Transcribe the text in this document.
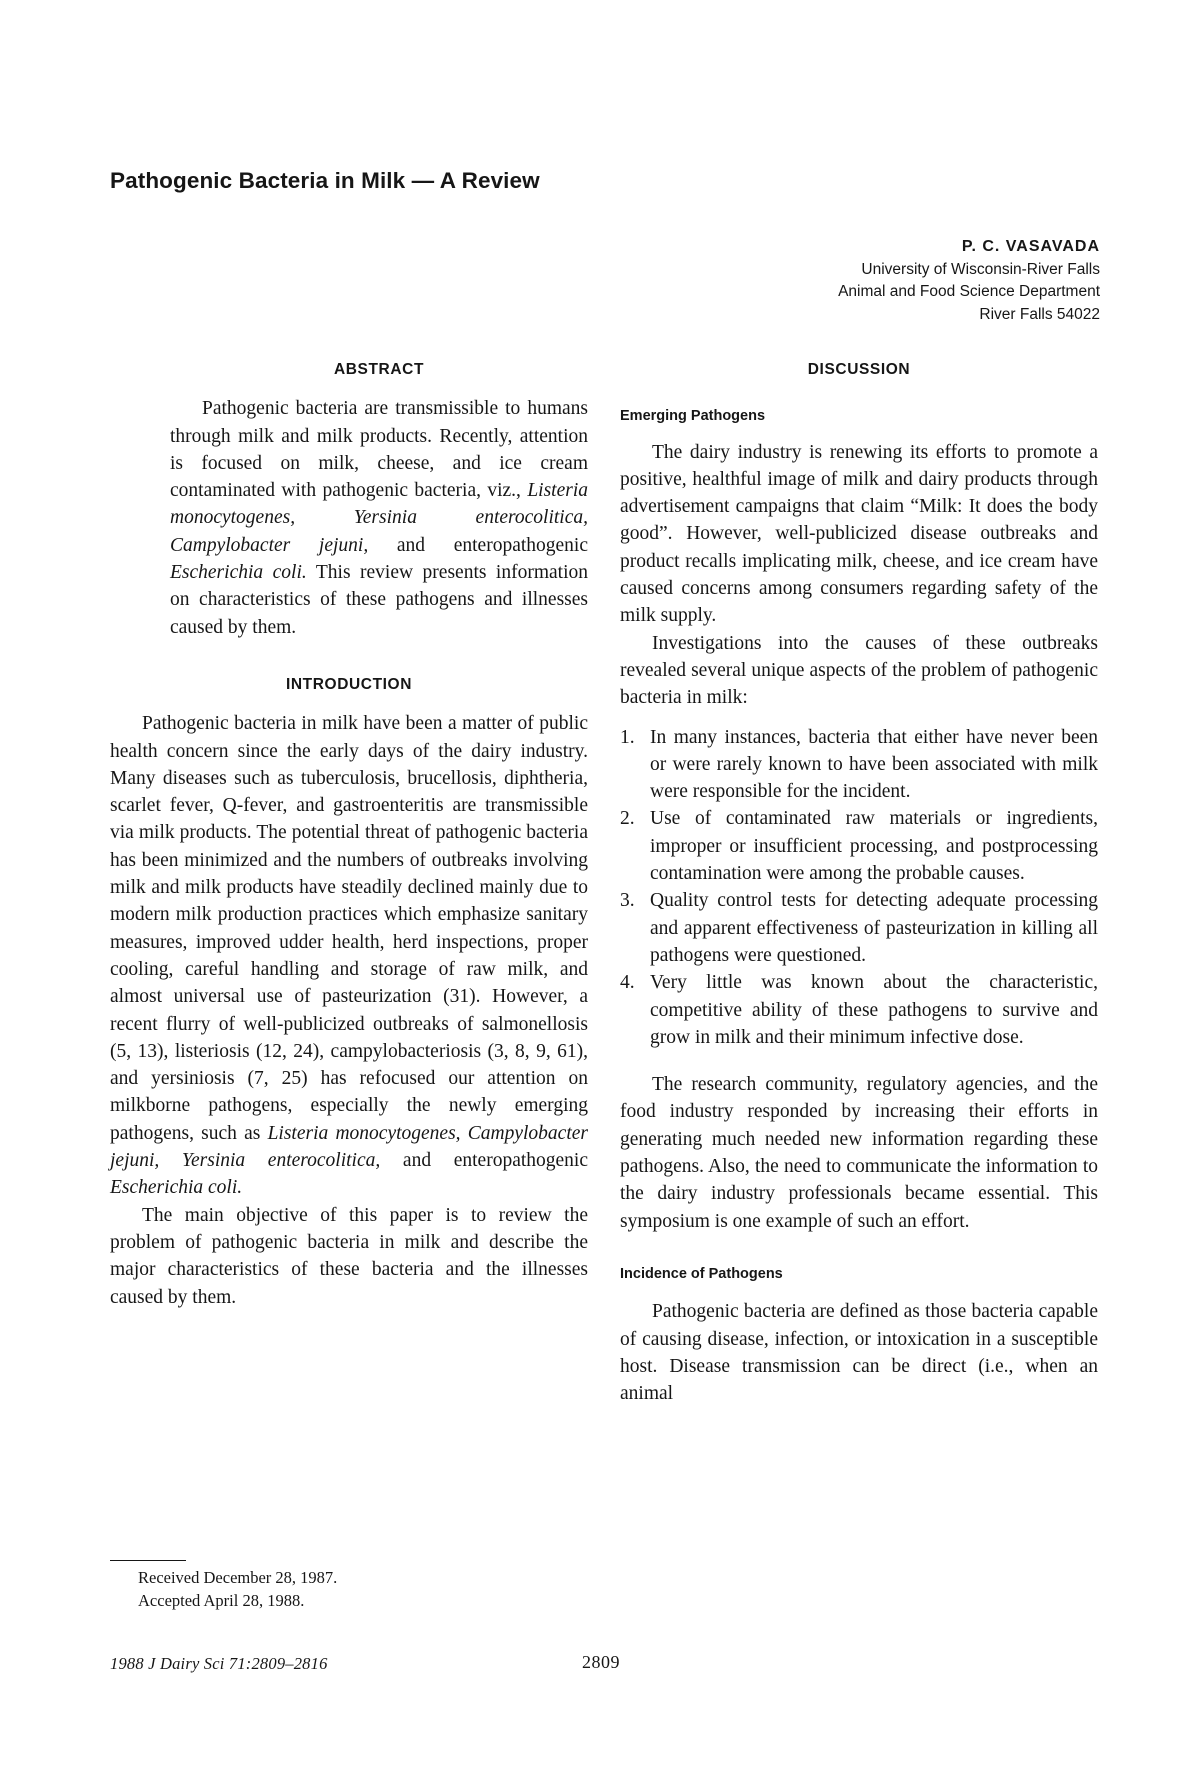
Pathogenic Bacteria in Milk — A Review
P. C. VASAVADA
University of Wisconsin-River Falls
Animal and Food Science Department
River Falls 54022
ABSTRACT

Pathogenic bacteria are transmissible to humans through milk and milk products. Recently, attention is focused on milk, cheese, and ice cream contaminated with pathogenic bacteria, viz., Listeria monocytogenes,	Yersinia enterocolitica, Campylobacter jejuni, and enteropathogenic Escherichia coli. This review presents information on characteristics of these pathogens and illnesses caused by them.

INTRODUCTION

Pathogenic bacteria in milk have been a matter of public health concern since the early days of the dairy industry. Many diseases such as tuberculosis, brucellosis, diphtheria, scarlet fever, Q-fever, and gastroenteritis are transmissible via milk products. The potential threat of pathogenic bacteria has been minimized and the numbers of outbreaks involving milk and milk products have steadily declined mainly due to modern milk production practices which emphasize sanitary measures, improved udder health, herd inspections, proper cooling, careful handling and storage of raw milk, and almost universal use of pasteurization (31). However, a recent flurry of well-publicized outbreaks of salmonellosis (5, 13), listeriosis (12, 24), campylobacteriosis (3, 8, 9, 61), and yersiniosis (7, 25) has refocused our attention on milkborne pathogens, especially the newly emerging pathogens, such as Listeria monocytogenes, Campylobacter jejuni, Yersinia enterocolitica, and enteropathogenic Escherichia coli.

The main objective of this paper is to review the problem of pathogenic bacteria in milk and describe the major characteristics of these bacteria and the illnesses caused by them.

DISCUSSION
Emerging Pathogens

The dairy industry is renewing its efforts to promote a positive, healthful image of milk and dairy products through advertisement campaigns that claim “Milk: It does the body good”. However, well-publicized disease outbreaks and product recalls implicating milk, cheese, and ice cream have caused concerns among consumers regarding safety of the milk supply.

Investigations into the causes of these outbreaks revealed several unique aspects of the problem of pathogenic bacteria in milk:

1. In many instances, bacteria that either have never been or were rarely known to have been associated with milk were responsible for the incident.
2. Use of contaminated raw materials or ingredients, improper or insufficient processing, and postprocessing contamination were among the probable causes.
3. Quality control tests for detecting adequate processing and apparent effectiveness of pasteurization in killing all pathogens were questioned.
4. Very little was known about the characteristic, competitive ability of these pathogens to survive and grow in milk and their minimum infective dose.

The research community, regulatory agencies, and the food industry responded by increasing their efforts in generating much needed new information regarding these pathogens. Also, the need to communicate the information to the dairy industry professionals became essential. This symposium is one example of such an effort.

Incidence of Pathogens

Pathogenic bacteria are defined as those bacteria capable of causing disease, infection, or intoxication in a susceptible host. Disease transmission can be direct (i.e., when an animal

Received December 28, 1987.
Accepted April 28, 1988.
1988 J Dairy Sci 71:2809–2816	2809
